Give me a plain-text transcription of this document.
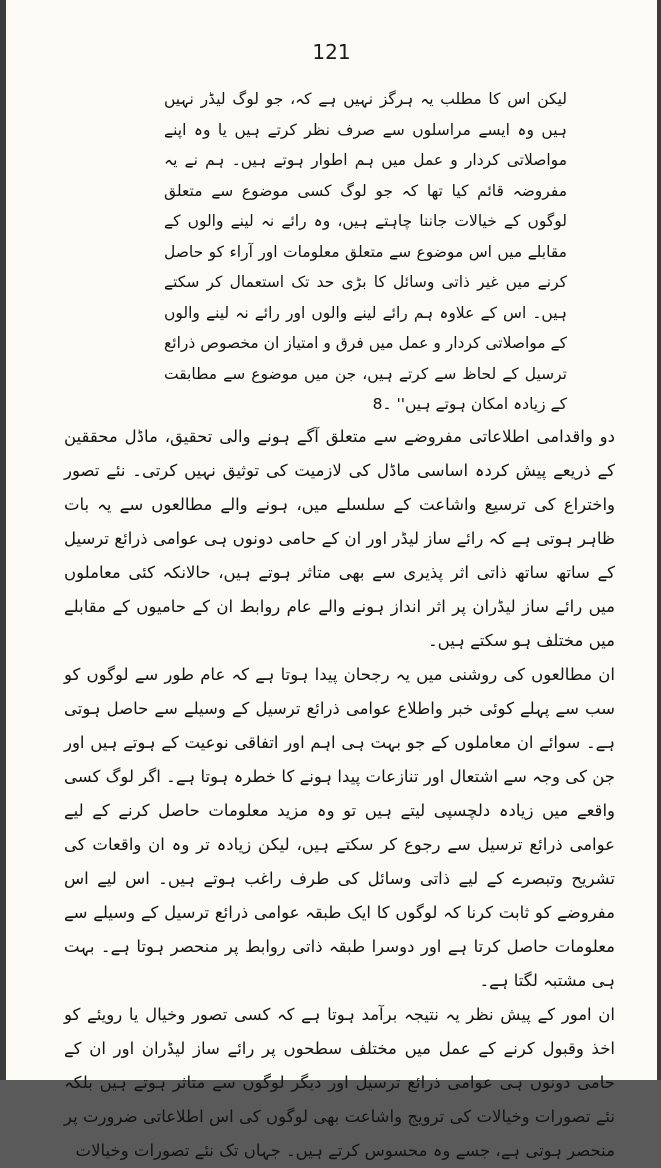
121

لیکن اس کا مطلب یہ ہرگز نہیں ہے کہ، جو لوگ لیڈر نہیں ہیں وہ ایسے مراسلوں سے صرف نظر کرتے ہیں یا وہ اپنے مواصلاتی کردار و عمل میں ہم اطوار ہوتے ہیں۔ ہم نے یہ مفروضہ قائم کیا تھا کہ جو لوگ کسی موضوع سے متعلق لوگوں کے خیالات جاننا چاہتے ہیں، وہ رائے نہ لینے والوں کے مقابلے میں اس موضوع سے متعلق معلومات اور آراء کو حاصل کرنے میں غیر ذاتی وسائل کا بڑی حد تک استعمال کر سکتے ہیں۔ اس کے علاوہ ہم رائے لینے والوں اور رائے نہ لینے والوں کے مواصلاتی کردار و عمل میں فرق و امتیاز ان مخصوص ذرائع ترسیل کے لحاظ سے کرتے ہیں، جن میں موضوع سے مطابقت کے زیادہ امکان ہوتے ہیں'' ۔8

دو واقدامی اطلاعاتی مفروضے سے متعلق آگے ہونے والی تحقیق، ماڈل محققین کے ذریعے پیش کردہ اساسی ماڈل کی لازمیت کی توثیق نہیں کرتی۔ نئے تصور واختراع کی ترسیع واشاعت کے سلسلے میں، ہونے والے مطالعوں سے یہ بات ظاہر ہوتی ہے کہ رائے ساز لیڈر اور ان کے حامی دونوں ہی عوامی ذرائع ترسیل کے ساتھ ساتھ ذاتی اثر پذیری سے بھی متاثر ہوتے ہیں، حالانکہ کئی معاملوں میں رائے ساز لیڈران پر اثر انداز ہونے والے عام روابط ان کے حامیوں کے مقابلے میں مختلف ہو سکتے ہیں۔

ان مطالعوں کی روشنی میں یہ رجحان پیدا ہوتا ہے کہ عام طور سے لوگوں کو سب سے پہلے کوئی خبر واطلاع عوامی ذرائع ترسیل کے وسیلے سے حاصل ہوتی ہے۔ سوائے ان معاملوں کے جو بہت ہی اہم اور اتفاقی نوعیت کے ہوتے ہیں اور جن کی وجہ سے اشتعال اور تنازعات پیدا ہونے کا خطرہ ہوتا ہے۔ اگر لوگ کسی واقعے میں زیادہ دلچسپی لیتے ہیں تو وہ مزید معلومات حاصل کرنے کے لیے عوامی ذرائع ترسیل سے رجوع کر سکتے ہیں، لیکن زیادہ تر وہ ان واقعات کی تشریح وتبصرے کے لیے ذاتی وسائل کی طرف راغب ہوتے ہیں۔ اس لیے اس مفروضے کو ثابت کرنا کہ لوگوں کا ایک طبقہ عوامی ذرائع ترسیل کے وسیلے سے معلومات حاصل کرتا ہے اور دوسرا طبقہ ذاتی روابط پر منحصر ہوتا ہے۔ بہت ہی مشتبہ لگتا ہے۔

ان امور کے پیش نظر یہ نتیجہ برآمد ہوتا ہے کہ کسی تصور وخیال یا رویئے کو اخذ وقبول کرنے کے عمل میں مختلف سطحوں پر رائے ساز لیڈران اور ان کے حامی دونوں ہی عوامی ذرائع ترسیل اور دیگر لوگوں سے متاثر ہوتے ہیں بلکہ نئے تصورات وخیالات کی ترویج واشاعت بھی لوگوں کی اس اطلاعاتی ضرورت پر منحصر ہوتی ہے، جسے وہ محسوس کرتے ہیں۔ جہاں تک نئے تصورات وخیالات
